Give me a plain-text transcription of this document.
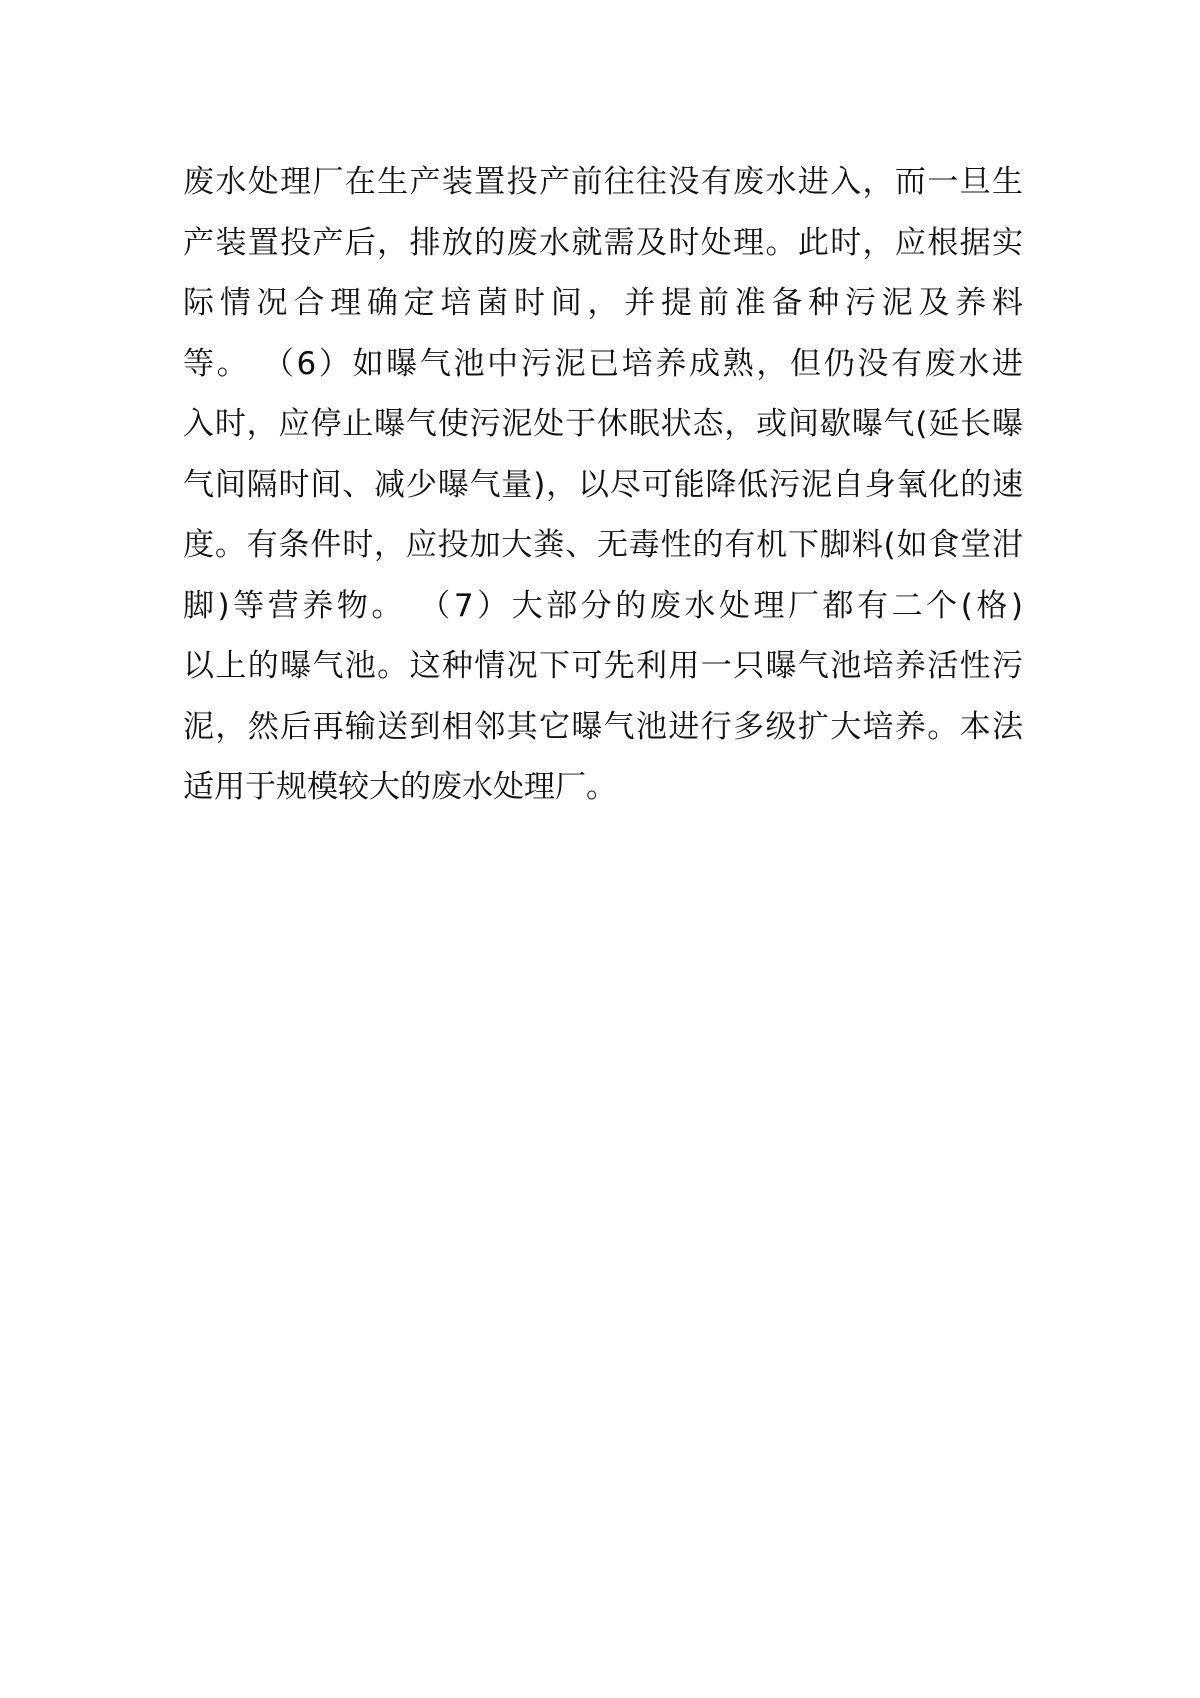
废水处理厂在生产装置投产前往往没有废水进入，而一旦生
产装置投产后，排放的废水就需及时处理。此时，应根据实
际情况合理确定培菌时间，并提前准备种污泥及养料
等。 （6）如曝气池中污泥已培养成熟，但仍没有废水进
入时，应停止曝气使污泥处于休眠状态，或间歇曝气(延长曝
气间隔时间、减少曝气量)，以尽可能降低污泥自身氧化的速
度。有条件时，应投加大粪、无毒性的有机下脚料(如食堂泔
脚)等营养物。 （7）大部分的废水处理厂都有二个(格)
以上的曝气池。这种情况下可先利用一只曝气池培养活性污
泥，然后再输送到相邻其它曝气池进行多级扩大培养。本法
适用于规模较大的废水处理厂。
